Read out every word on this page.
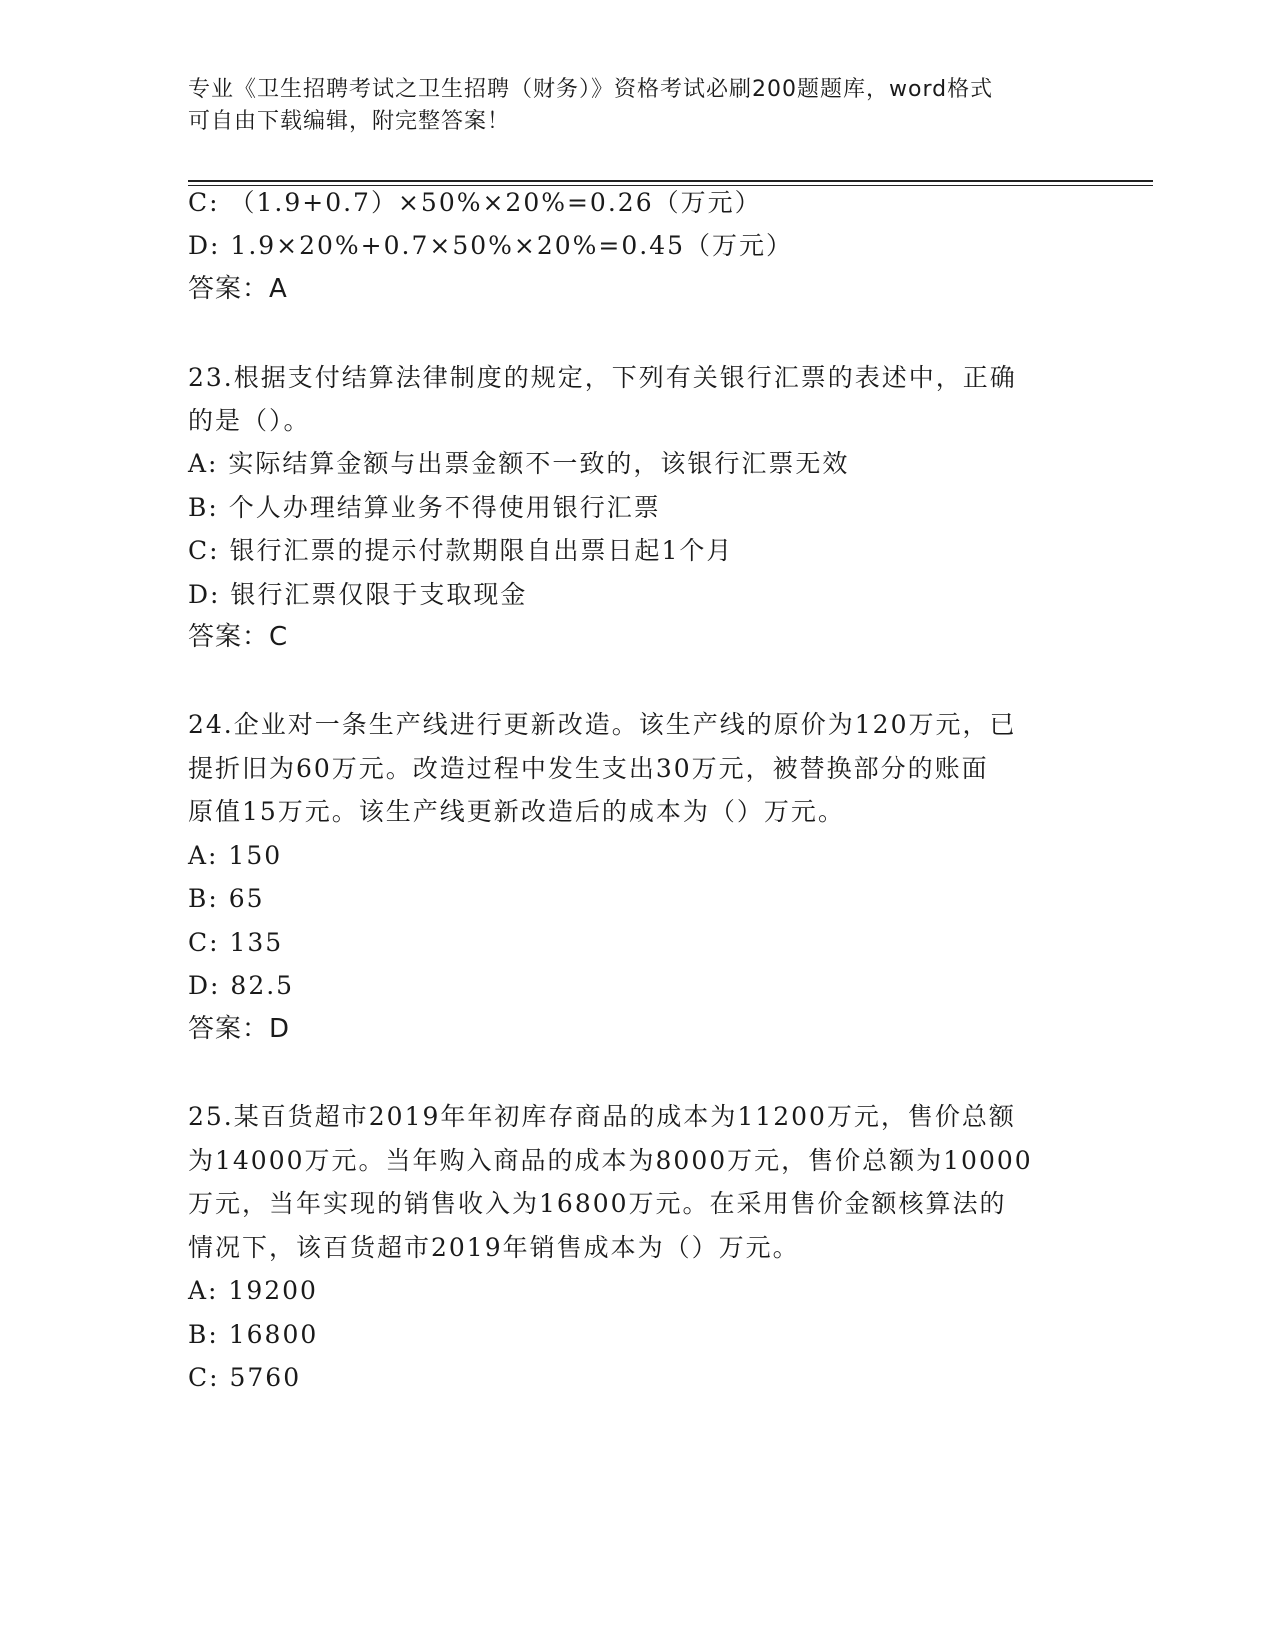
专业《卫生招聘考试之卫生招聘（财务）》资格考试必刷200题题库，word格式
可自由下载编辑，附完整答案！
C: （1.9+0.7）×50%×20%=0.26（万元）
D: 1.9×20%+0.7×50%×20%=0.45（万元）
答案：A
23.根据支付结算法律制度的规定，下列有关银行汇票的表述中，正确
的是（）。
A: 实际结算金额与出票金额不一致的，该银行汇票无效
B: 个人办理结算业务不得使用银行汇票
C: 银行汇票的提示付款期限自出票日起1个月
D: 银行汇票仅限于支取现金
答案：C
24.企业对一条生产线进行更新改造。该生产线的原价为120万元，已
提折旧为60万元。改造过程中发生支出30万元，被替换部分的账面
原值15万元。该生产线更新改造后的成本为（）万元。
A: 150
B: 65
C: 135
D: 82.5
答案：D
25.某百货超市2019年年初库存商品的成本为11200万元，售价总额
为14000万元。当年购入商品的成本为8000万元，售价总额为10000
万元，当年实现的销售收入为16800万元。在采用售价金额核算法的
情况下，该百货超市2019年销售成本为（）万元。
A: 19200
B: 16800
C: 5760
